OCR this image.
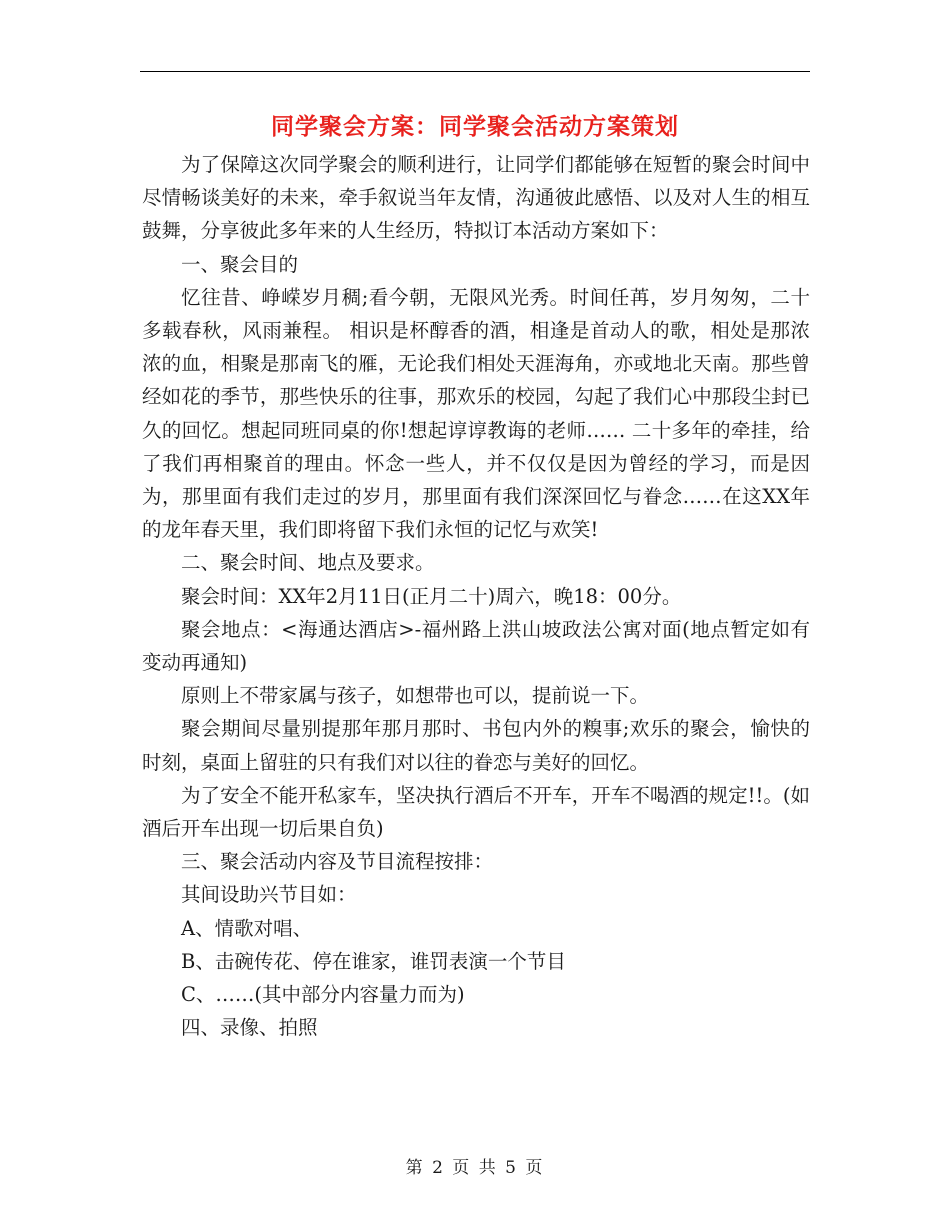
同学聚会方案：同学聚会活动方案策划

为了保障这次同学聚会的顺利进行，让同学们都能够在短暂的聚会时间中尽情畅谈美好的未来，牵手叙说当年友情，沟通彼此感悟、以及对人生的相互鼓舞，分享彼此多年来的人生经历，特拟订本活动方案如下：

一、聚会目的

忆往昔、峥嵘岁月稠;看今朝，无限风光秀。时间任苒，岁月匆匆，二十多载春秋，风雨兼程。 相识是杯醇香的酒，相逢是首动人的歌，相处是那浓浓的血，相聚是那南飞的雁，无论我们相处天涯海角，亦或地北天南。那些曾经如花的季节，那些快乐的往事，那欢乐的校园，勾起了我们心中那段尘封已久的回忆。想起同班同桌的你!想起谆谆教诲的老师…… 二十多年的牵挂，给了我们再相聚首的理由。怀念一些人，并不仅仅是因为曾经的学习，而是因为，那里面有我们走过的岁月，那里面有我们深深回忆与眷念……在这XX年的龙年春天里，我们即将留下我们永恒的记忆与欢笑!

二、聚会时间、地点及要求。

聚会时间：XX年2月11日(正月二十)周六，晚18：00分。

聚会地点：<海通达酒店>-福州路上洪山坡政法公寓对面(地点暂定如有变动再通知)

原则上不带家属与孩子，如想带也可以，提前说一下。

聚会期间尽量别提那年那月那时、书包内外的糗事;欢乐的聚会，愉快的时刻，桌面上留驻的只有我们对以往的眷恋与美好的回忆。

为了安全不能开私家车，坚决执行酒后不开车，开车不喝酒的规定!!。(如酒后开车出现一切后果自负)

三、聚会活动内容及节目流程按排：

其间设助兴节目如：

A、情歌对唱、

B、击碗传花、停在谁家，谁罚表演一个节目

C、……(其中部分内容量力而为)

四、录像、拍照

第 2 页 共 5 页
